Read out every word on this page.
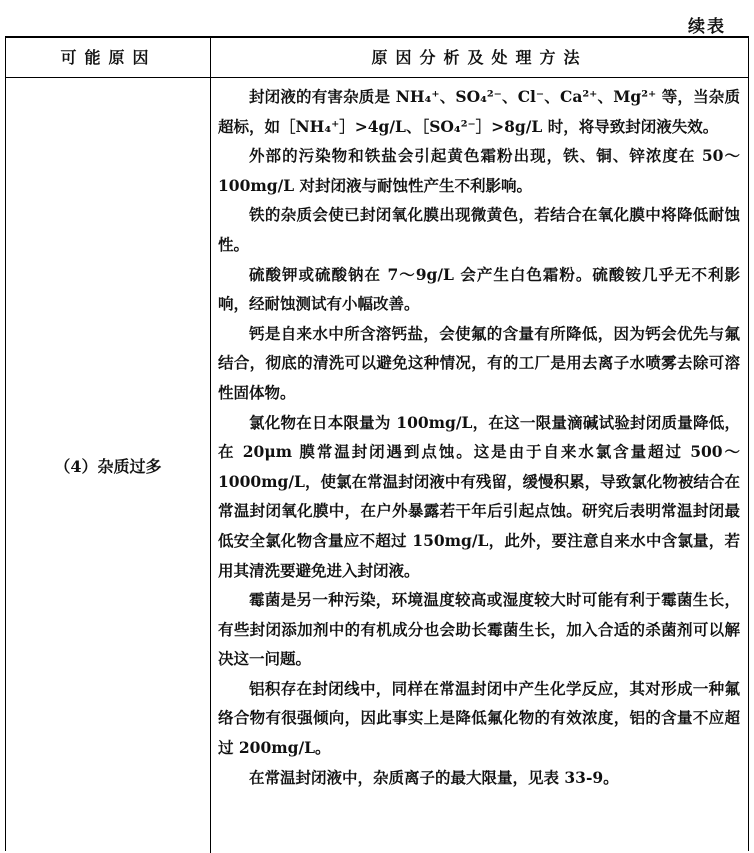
续表
可能原因	原因分析及处理方法
（4）杂质过多

封闭液的有害杂质是 NH₄⁺、SO₄²⁻、Cl⁻、Ca²⁺、Mg²⁺ 等，当杂质超标，如［NH₄⁺］>4g/L、［SO₄²⁻］>8g/L 时，将导致封闭液失效。

外部的污染物和铁盐会引起黄色霜粉出现，铁、铜、锌浓度在 50～100mg/L 对封闭液与耐蚀性产生不利影响。

铁的杂质会使已封闭氧化膜出现微黄色，若结合在氧化膜中将降低耐蚀性。

硫酸钾或硫酸钠在 7～9g/L 会产生白色霜粉。硫酸铵几乎无不利影响，经耐蚀测试有小幅改善。

钙是自来水中所含溶钙盐，会使氟的含量有所降低，因为钙会优先与氟结合，彻底的清洗可以避免这种情况，有的工厂是用去离子水喷雾去除可溶性固体物。

氯化物在日本限量为 100mg/L，在这一限量滴碱试验封闭质量降低，在 20μm 膜常温封闭遇到点蚀。这是由于自来水氯含量超过 500～1000mg/L，使氯在常温封闭液中有残留，缓慢积累，导致氯化物被结合在常温封闭氧化膜中，在户外暴露若干年后引起点蚀。研究后表明常温封闭最低安全氯化物含量应不超过 150mg/L，此外，要注意自来水中含氯量，若用其清洗要避免进入封闭液。

霉菌是另一种污染，环境温度较高或湿度较大时可能有利于霉菌生长，有些封闭添加剂中的有机成分也会助长霉菌生长，加入合适的杀菌剂可以解决这一问题。

铝积存在封闭线中，同样在常温封闭中产生化学反应，其对形成一种氟络合物有很强倾向，因此事实上是降低氟化物的有效浓度，铝的含量不应超过 200mg/L。

在常温封闭液中，杂质离子的最大限量，见表 33-9。
